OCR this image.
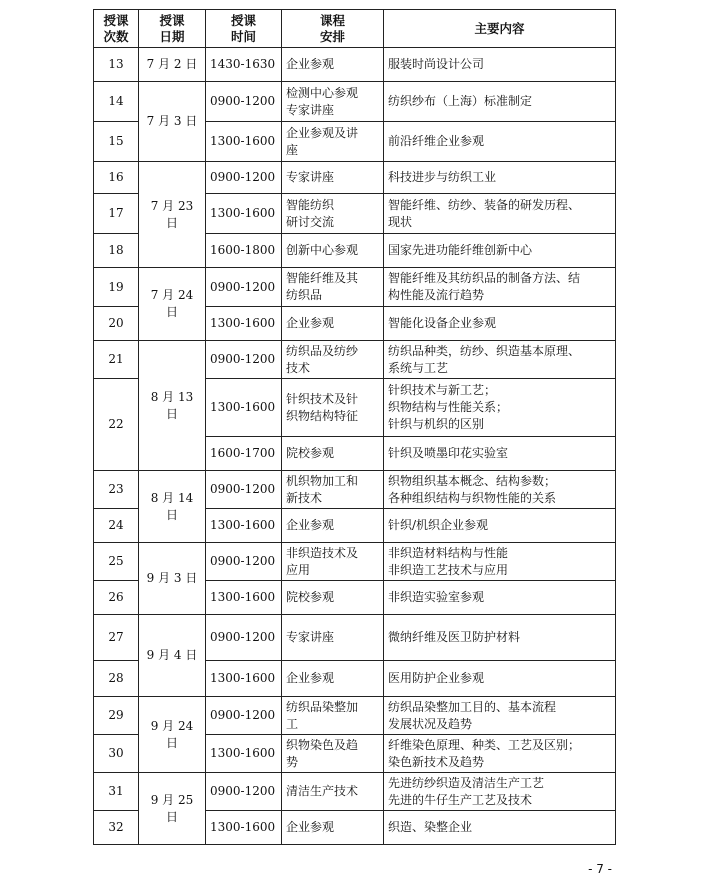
授课
次数	授课
日期	授课
时间	课程
安排	主要内容
13	7 月 2 日	1430-1630	企业参观	服装时尚设计公司
14	7 月 3 日	0900-1200	检测中心参观
专家讲座	纺织纱布（上海）标准制定
15		1300-1600	企业参观及讲
座	前沿纤维企业参观
16	7 月 23 日	0900-1200	专家讲座	科技进步与纺织工业
17		1300-1600	智能纺织
研讨交流	智能纤维、纺纱、装备的研发历程、
现状
18		1600-1800	创新中心参观	国家先进功能纤维创新中心
19	7 月 24 日	0900-1200	智能纤维及其
纺织品	智能纤维及其纺织品的制备方法、结
构性能及流行趋势
20		1300-1600	企业参观	智能化设备企业参观
21	8 月 13 日	0900-1200	纺织品及纺纱
技术	纺织品种类，纺纱、织造基本原理、
系统与工艺
22		1300-1600	针织技术及针
织物结构特征	针织技术与新工艺；
织物结构与性能关系；
针织与机织的区别
		1600-1700	院校参观	针织及喷墨印花实验室
23	8 月 14 日	0900-1200	机织物加工和
新技术	织物组织基本概念、结构参数；
各种组织结构与织物性能的关系
24		1300-1600	企业参观	针织/机织企业参观
25	9 月 3 日	0900-1200	非织造技术及
应用	非织造材料结构与性能
非织造工艺技术与应用
26		1300-1600	院校参观	非织造实验室参观
27	9 月 4 日	0900-1200	专家讲座	微纳纤维及医卫防护材料
28		1300-1600	企业参观	医用防护企业参观
29	9 月 24 日	0900-1200	纺织品染整加
工	纺织品染整加工目的、基本流程
发展状况及趋势
30		1300-1600	织物染色及趋
势	纤维染色原理、种类、工艺及区别；
染色新技术及趋势
31	9 月 25 日	0900-1200	清洁生产技术	先进纺纱织造及清洁生产工艺
先进的牛仔生产工艺及技术
32		1300-1600	企业参观	织造、染整企业
- 7 -
